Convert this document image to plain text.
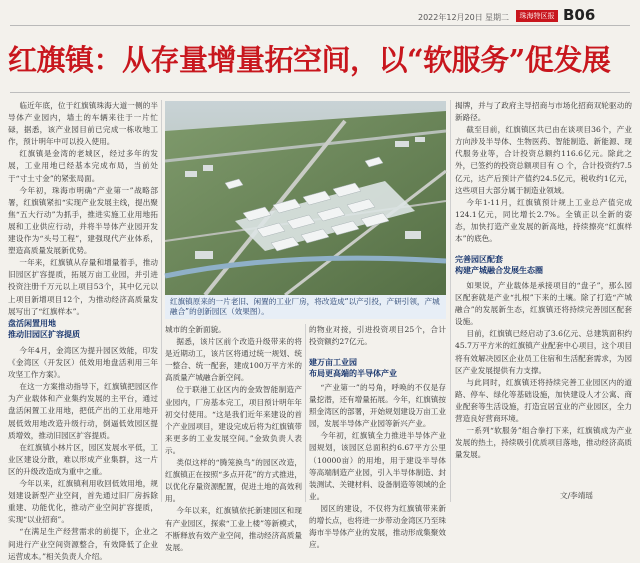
2022年12月20日 星期二	珠海特区报 B06
红旗镇：从存量增量拓空间，以“软服务”促发展

临近年底，位于红旗镇珠海大道一侧的半导体产业园内，墙土的车辆来往于一片忙碌，据悉，该产业园目前已完成一栋收地工作，预计明年中可以投入使用。

红旗镇是金湾的老城区，经过多年的发展，工业用地已经基本完成布局，当前处于“寸土寸金”的紧张局面。

今年初，珠海市明确“产业第一”战略部署，红旗镇紧扣“实现产业发展主线，提出聚焦“五大行动”为抓手，推进实施工业用地拓展和工业供应行动，并将半导体产业园开发建设作为“头号工程”，建强现代产业体系，塑造高质量发展新优势。

一年来，红旗镇从存量和增量着手，推动旧园区扩容提质，拓展万亩工业园，并引进投资注册千万元以上项目53个，其中亿元以上项目新增项目12个，为推动经济高质量发展写出了“红旗样本”。

盘活闲置用地
推动旧园区扩容提质

今年4月，金湾区为提升园区效能，印发《金湾区（开发区）低效用地盘活利用三年攻坚工作方案》。

在这一方案推动指导下，红旗镇把园区作为产业载体和产业集约发展的主平台，通过盘活闲置工业用地，把低产出的工业用地开展低效用地改造升级行动，倒逼低效园区提质增效，推动旧园区扩容提质。

在红旗镇小林片区，园区发展水平低，工业区建设分散，难以形成产业集群，这一片区的升级改造成为重中之重。

今年以来，红旗镇利用收回低效用地，规划建设新型产业空间，首先通过旧厂房拆除重建、功能优化，推动产业空间扩容提质，实现“以业招商”。

“在满足生产经营需求的前提下，企业之间进行产业空间资源整合，有效降低了企业运营成本。”相关负责人介绍。

红旗镇原来的一片老旧、闲置的工业厂房，将改造成“以产引投，产研引领，产城融合”的创新园区（效果图）。

城市的全新面貌。

据悉，该片区前个改造升级带来的将是近期动工，该片区将通过统一规划、统一整合、统一配套，建成100万平方米的高质量产城融合新空间。

位于联港工业区内的金致智能制造产业园内，厂房基本完工，项目预计明年年初交付使用。“这是我们近年来建设的首个产业园项目，建设完成后将为红旗镇带来更多的工业发展空间。”金致负责人表示。

类似这样的“腾笼换鸟”的园区改造，红旗镇正在按照“多点开花”的方式推进，以优化存量资源配置，促进土地的高效利用。

今年以来，红旗镇依托新建园区和现有产业园区，探索“工业上楼”等新模式，不断释放有效产业空间，推动经济高质量发展。

的物业对接，引进投资项目25个，合计投资额约27亿元。

建万亩工业园
布局更高端的半导体产业

“产业第一”的号角，呼唤的不仅是存量挖潜，还有增量拓展。今年，红旗镇按照金湾区的部署，开始规划建设万亩工业园，发展半导体产业园等新兴产业。

今年初，红旗镇全力推进半导体产业园规划，该园区总面积约6.67平方公里（10000亩）的用地，用于建设半导体等高端制造产业园，引入半导体制造、封装测试、关键材料、设备制造等领域的企业。

园区的建设，不仅将为红旗镇带来新的增长点，也将进一步带动金湾区乃至珠海市半导体产业的发展，推动形成集聚效应。

揭牌，并与了政府主导招商与市场化招商双轮驱动的新路径。

截至目前，红旗镇区共已由在谈项目36个，产业方向涉及半导体、生物医药、智能制造、新能源、现代服务业等，合计投资总额约116.6亿元。除此之外，已签约的投资总额项目有 ○ 个，合计投资约7.5亿元，达产后预计产值约24.5亿元，税收约1亿元，这些项目大部分属于制造业领域。

今年1-11月，红旗镇预计规上工业总产值完成124.1亿元，同比增长2.7%。全镇正以全新的姿态，加快打造产业发展的新高地，持续擦亮“红旗样本”的底色。

完善园区配套
构建产城融合发展生态圈

如果说，产业载体是承接项目的“盘子”，那么园区配套就是产业“扎根”下来的土壤。除了打造“产城融合”的发展新生态，红旗镇还将持续完善园区配套设施。

目前，红旗镇已经启动了3.6亿元、总建筑面积约45.7万平方米的红旗镇产业配套中心项目，这个项目将有效解决园区企业员工住宿和生活配套需求，为园区产业发展提供有力支撑。

与此同时，红旗镇还将持续完善工业园区内的道路、停车、绿化等基础设施，加快建设人才公寓、商业配套等生活设施，打造宜居宜业的产业园区，全力营造良好营商环境。

一系列“软服务”组合拳打下来，红旗镇成为产业发展的热土，持续吸引优质项目落地，推动经济高质量发展。

文/李靖瑶
